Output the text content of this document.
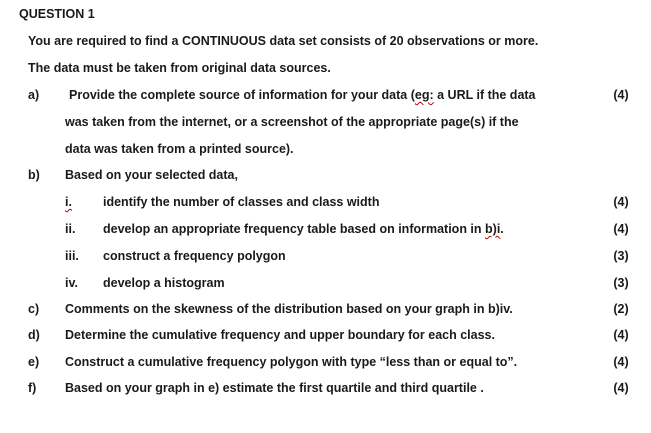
QUESTION 1
You are required to find a CONTINUOUS data set consists of 20 observations or more.
The data must be taken from original data sources.
a) Provide the complete source of information for your data (eg: a URL if the data	(4)
was taken from the internet, or a screenshot of the appropriate page(s) if the
data was taken from a printed source).
b) Based on your selected data,
i. identify the number of classes and class width	(4)
ii. develop an appropriate frequency table based on information in b)i.	(4)
iii. construct a frequency polygon	(3)
iv. develop a histogram	(3)
c) Comments on the skewness of the distribution based on your graph in b)iv.	(2)
d) Determine the cumulative frequency and upper boundary for each class.	(4)
e) Construct a cumulative frequency polygon with type “less than or equal to”.	(4)
f) Based on your graph in e) estimate the first quartile and third quartile .	(4)
